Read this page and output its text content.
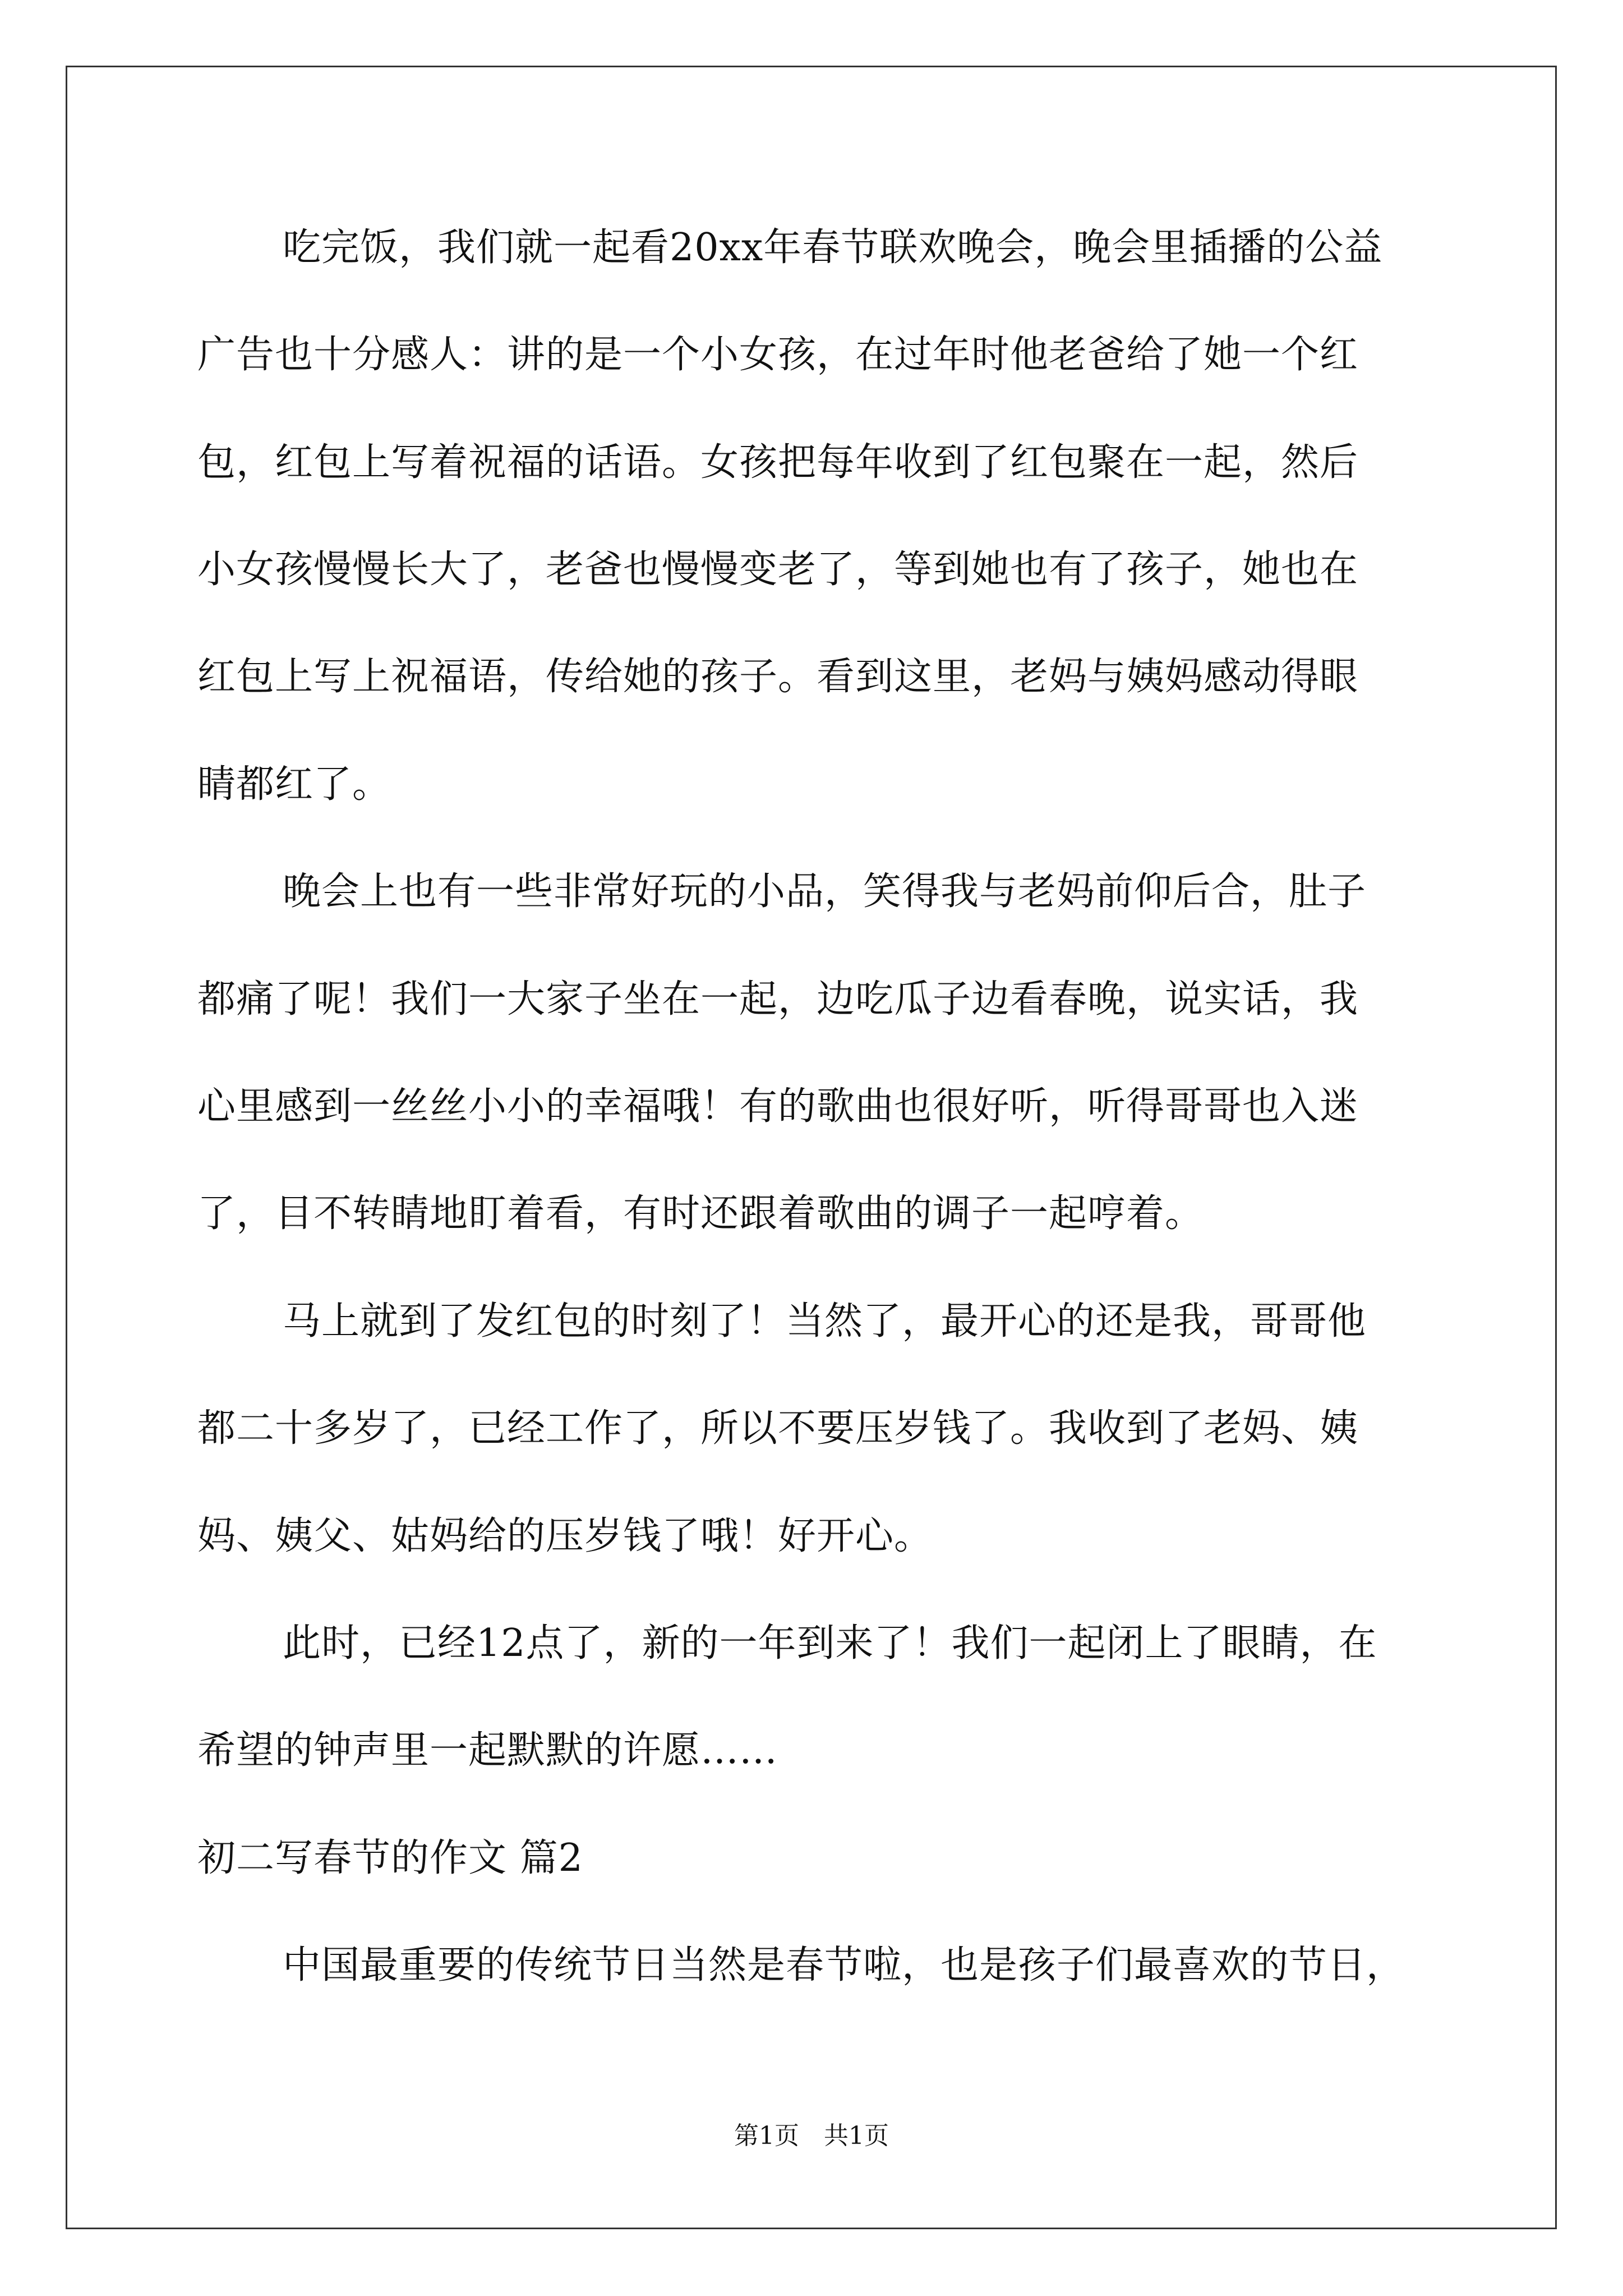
吃完饭，我们就一起看20xx年春节联欢晚会，晚会里插播的公益

广告也十分感人：讲的是一个小女孩，在过年时他老爸给了她一个红

包，红包上写着祝福的话语。女孩把每年收到了红包聚在一起，然后

小女孩慢慢长大了，老爸也慢慢变老了，等到她也有了孩子，她也在

红包上写上祝福语，传给她的孩子。看到这里，老妈与姨妈感动得眼

睛都红了。

晚会上也有一些非常好玩的小品，笑得我与老妈前仰后合，肚子

都痛了呢！我们一大家子坐在一起，边吃瓜子边看春晚，说实话，我

心里感到一丝丝小小的幸福哦！有的歌曲也很好听，听得哥哥也入迷

了，目不转睛地盯着看，有时还跟着歌曲的调子一起哼着。

马上就到了发红包的时刻了！当然了，最开心的还是我，哥哥他

都二十多岁了，已经工作了，所以不要压岁钱了。我收到了老妈、姨

妈、姨父、姑妈给的压岁钱了哦！好开心。

此时，已经12点了，新的一年到来了！我们一起闭上了眼睛，在

希望的钟声里一起默默的许愿……

初二写春节的作文 篇2

中国最重要的传统节日当然是春节啦，也是孩子们最喜欢的节日，

第1页　共1页
